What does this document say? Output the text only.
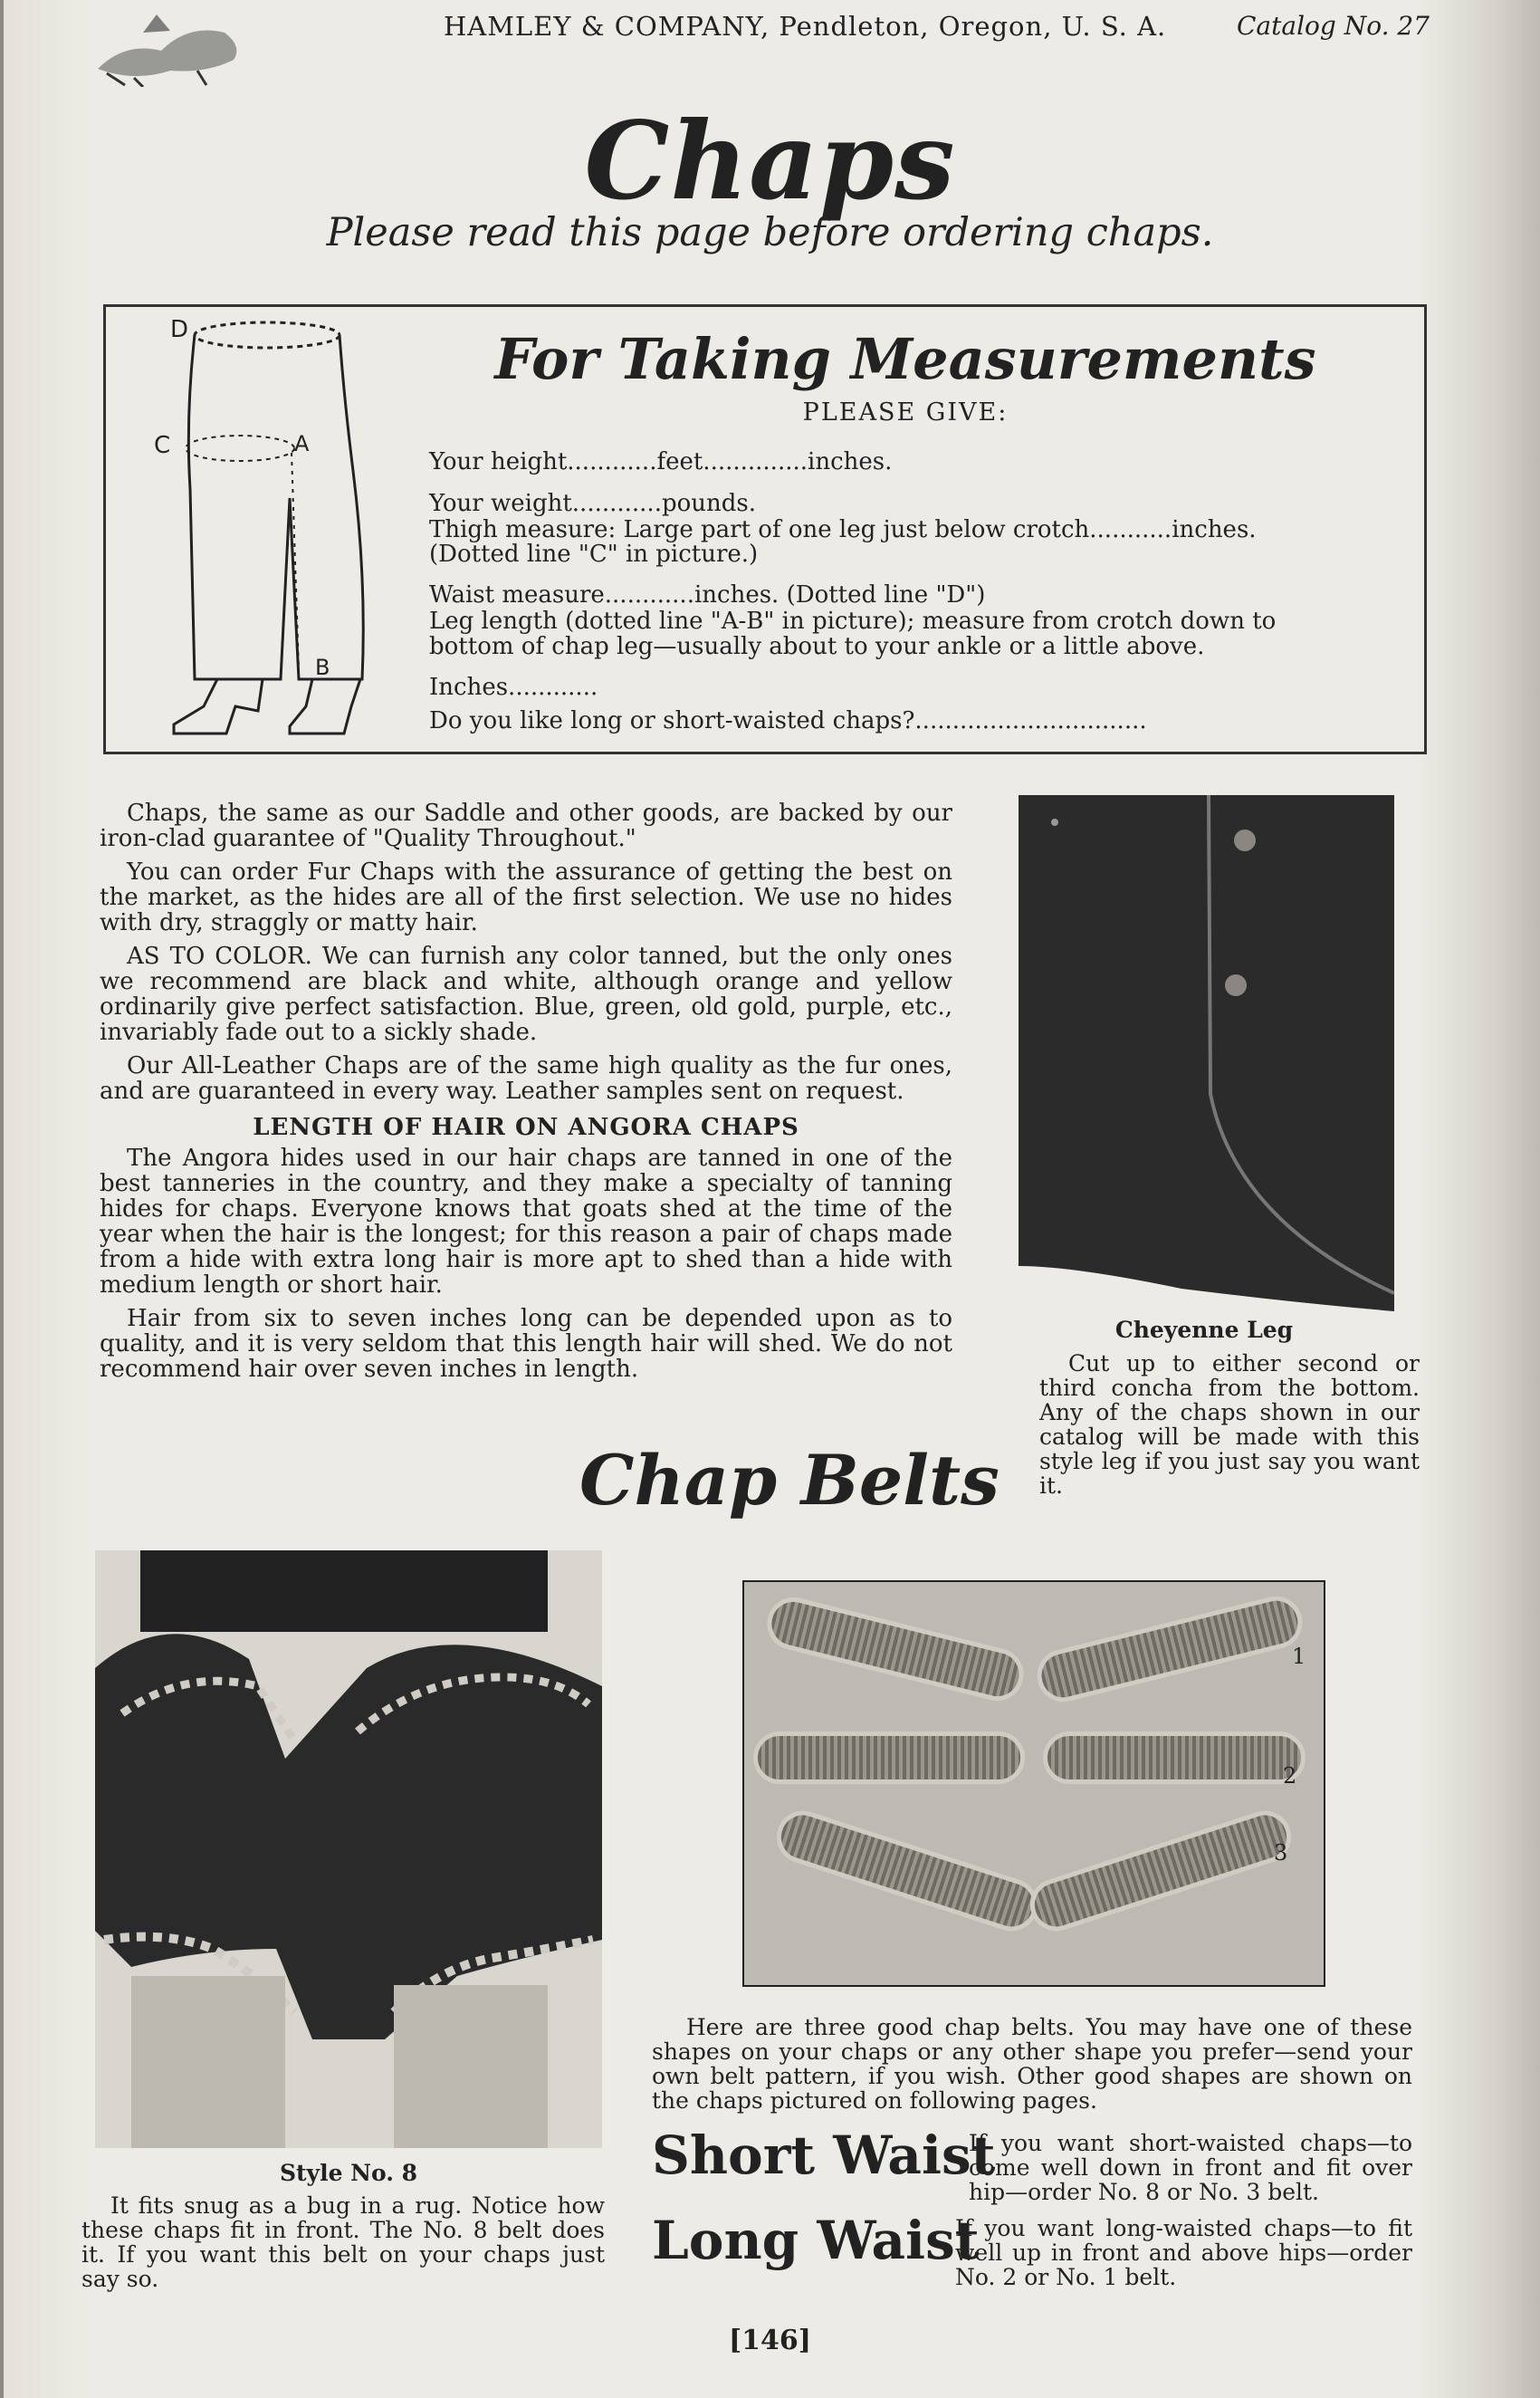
HAMLEY & COMPANY, Pendleton, Oregon, U. S. A.	Catalog No. 27
Chaps
Please read this page before ordering chaps.
D
C	A
B
For Taking Measurements
PLEASE GIVE:
Your height............feet..............inches.
Your weight............pounds.
Thigh measure: Large part of one leg just below crotch...........inches.
(Dotted line "C" in picture.)
Waist measure............inches. (Dotted line "D")
Leg length (dotted line "A-B" in picture); measure from crotch down to
bottom of chap leg—usually about to your ankle or a little above.
Inches............
Do you like long or short-waisted chaps?...............................

Chaps, the same as our Saddle and other goods, are backed by our iron-clad guarantee of "Quality Throughout."

You can order Fur Chaps with the assurance of getting the best on the market, as the hides are all of the first selection. We use no hides with dry, straggly or matty hair.

AS TO COLOR. We can furnish any color tanned, but the only ones we recommend are black and white, although orange and yellow ordinarily give perfect satisfaction. Blue, green, old gold, purple, etc., invariably fade out to a sickly shade.

Our All-Leather Chaps are of the same high quality as the fur ones, and are guaranteed in every way. Leather samples sent on request.

LENGTH OF HAIR ON ANGORA CHAPS

The Angora hides used in our hair chaps are tanned in one of the best tanneries in the country, and they make a specialty of tanning hides for chaps. Everyone knows that goats shed at the time of the year when the hair is the longest; for this reason a pair of chaps made from a hide with extra long hair is more apt to shed than a hide with medium length or short hair.

Hair from six to seven inches long can be depended upon as to quality, and it is very seldom that this length hair will shed. We do not recommend hair over seven inches in length.

Cheyenne Leg
Cut up to either second or third concha from the bottom. Any of the chaps shown in our catalog will be made with this style leg if you just say you want it.
Chap Belts
Style No. 8
It fits snug as a bug in a rug. Notice how these chaps fit in front. The No. 8 belt does it. If you want this belt on your chaps just say so.
1
2
3
Here are three good chap belts. You may have one of these shapes on your chaps or any other shape you prefer—send your own belt pattern, if you wish. Other good shapes are shown on the chaps pictured on following pages.
Short Waist
If you want short-waisted chaps—to come well down in front and fit over hip—order No. 8 or No. 3 belt.
Long Waist
If you want long-waisted chaps—to fit well up in front and above hips—order No. 2 or No. 1 belt.
[146]
